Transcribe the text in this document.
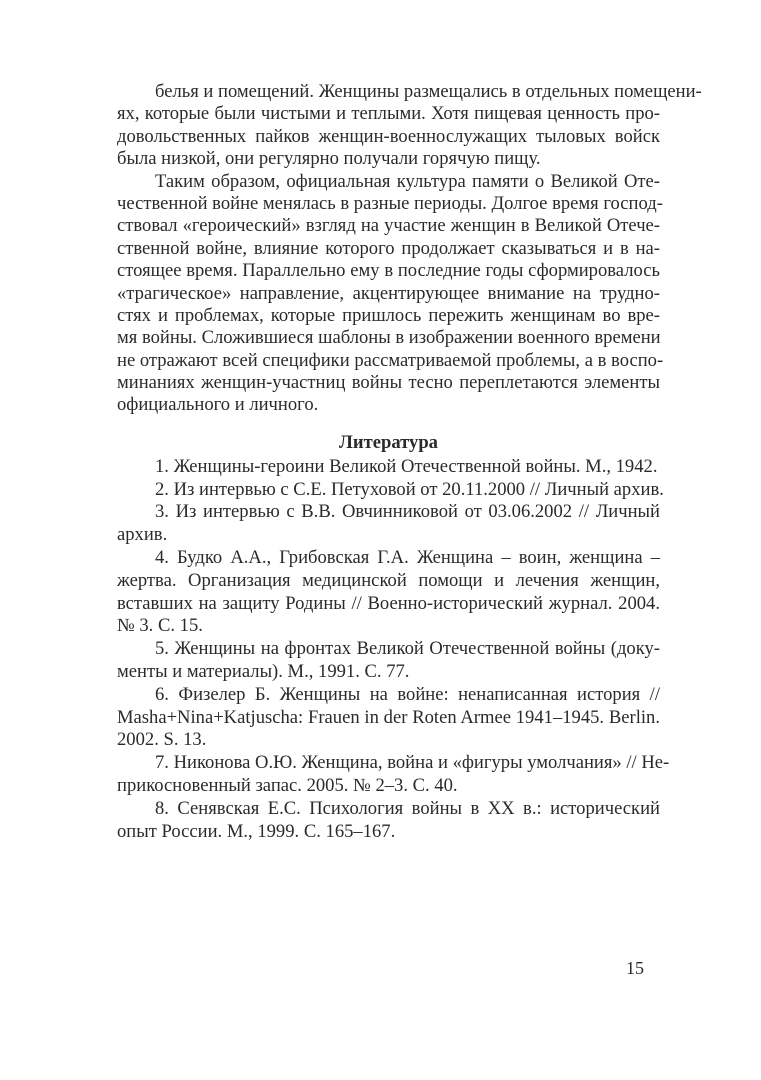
белья и помещений. Женщины размещались в отдельных помещени-
ях, которые были чистыми и теплыми. Хотя пищевая ценность про-
довольственных пайков женщин-военнослужащих тыловых войск
была низкой, они регулярно получали горячую пищу.
Таким образом, официальная культура памяти о Великой Оте-
чественной войне менялась в разные периоды. Долгое время господ-
ствовал «героический» взгляд на участие женщин в Великой Отече-
ственной войне, влияние которого продолжает сказываться и в на-
стоящее время. Параллельно ему в последние годы сформировалось
«трагическое» направление, акцентирующее внимание на трудно-
стях и проблемах, которые пришлось пережить женщинам во вре-
мя войны. Сложившиеся шаблоны в изображении военного времени
не отражают всей специфики рассматриваемой проблемы, а в воспо-
минаниях женщин-участниц войны тесно переплетаются элементы
официального и личного.
Литература
1. Женщины-героини Великой Отечественной войны. М., 1942.
2. Из интервью с С.Е. Петуховой от 20.11.2000 // Личный архив.
3. Из интервью с В.В. Овчинниковой от 03.06.2002 // Личный
архив.
4. Будко А.А., Грибовская Г.А. Женщина – воин, женщина –
жертва. Организация медицинской помощи и лечения женщин,
вставших на защиту Родины // Военно-исторический журнал. 2004.
№ 3. С. 15.
5. Женщины на фронтах Великой Отечественной войны (доку-
менты и материалы). М., 1991. С. 77.
6. Физелер Б. Женщины на войне: ненаписанная история //
Masha+Nina+Katjuscha: Frauen in der Roten Armee 1941–1945. Berlin.
2002. S. 13.
7. Никонова О.Ю. Женщина, война и «фигуры умолчания» // Не-
прикосновенный запас. 2005. № 2–3. С. 40.
8. Сенявская Е.С. Психология войны в XX в.: исторический
опыт России. М., 1999. С. 165–167.
15
